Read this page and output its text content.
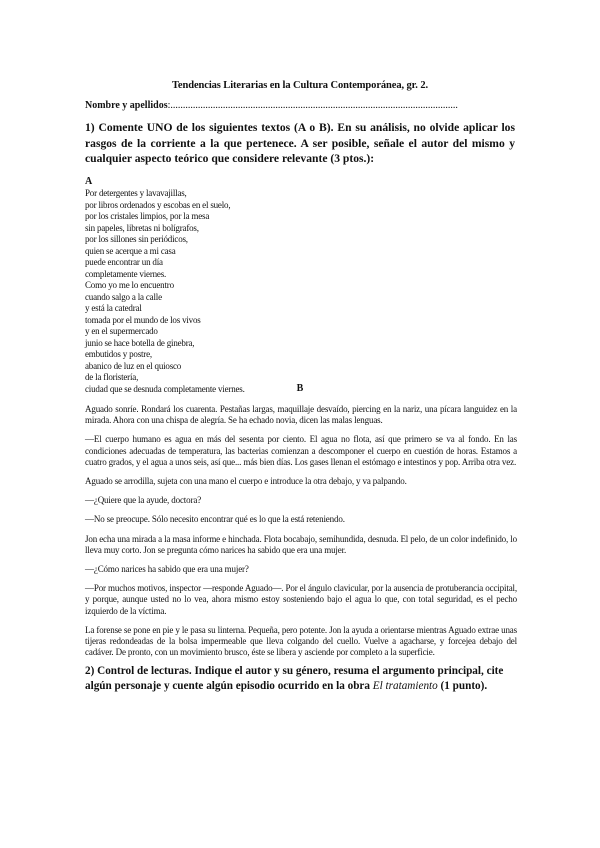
Tendencias Literarias en la Cultura Contemporánea, gr. 2.
Nombre y apellidos:...................................................................................................................
1) Comente UNO de los siguientes textos (A o B). En su análisis, no olvide aplicar los rasgos de la corriente a la que pertenece. A ser posible, señale el autor del mismo y cualquier aspecto teórico que considere relevante (3 ptos.):
A
Por detergentes y lavavajillas,
por libros ordenados y escobas en el suelo,
por los cristales limpios, por la mesa
sin papeles, libretas ni bolígrafos,
por los sillones sin periódicos,
quien se acerque a mi casa
puede encontrar un día
completamente viernes.
Como yo me lo encuentro
cuando salgo a la calle
y está la catedral
tomada por el mundo de los vivos
y en el supermercado
junio se hace botella de ginebra,
embutidos y postre,
abanico de luz en el quiosco
de la floristería,
ciudad que se desnuda completamente viernes.	B

Aguado sonríe. Rondará los cuarenta. Pestañas largas, maquillaje desvaído, piercing en la nariz, una pícara languidez en la mirada. Ahora con una chispa de alegría. Se ha echado novia, dicen las malas lenguas.

—El cuerpo humano es agua en más del sesenta por ciento. El agua no flota, así que primero se va al fondo. En las condiciones adecuadas de temperatura, las bacterias comienzan a descomponer el cuerpo en cuestión de horas. Estamos a cuatro grados, y el agua a unos seis, así que... más bien días. Los gases llenan el estómago e intestinos y pop. Arriba otra vez.

Aguado se arrodilla, sujeta con una mano el cuerpo e introduce la otra debajo, y va palpando.

—¿Quiere que la ayude, doctora?

—No se preocupe. Sólo necesito encontrar qué es lo que la está reteniendo.

Jon echa una mirada a la masa informe e hinchada. Flota bocabajo, semihundida, desnuda. El pelo, de un color indefinido, lo lleva muy corto. Jon se pregunta cómo narices ha sabido que era una mujer.

—¿Cómo narices ha sabido que era una mujer?

—Por muchos motivos, inspector —responde Aguado—. Por el ángulo clavicular, por la ausencia de protuberancia occipital, y porque, aunque usted no lo vea, ahora mismo estoy sosteniendo bajo el agua lo que, con total seguridad, es el pecho izquierdo de la víctima.

La forense se pone en pie y le pasa su linterna. Pequeña, pero potente. Jon la ayuda a orientarse mientras Aguado extrae unas tijeras redondeadas de la bolsa impermeable que lleva colgando del cuello. Vuelve a agacharse, y forcejea debajo del cadáver. De pronto, con un movimiento brusco, éste se libera y asciende por completo a la superficie.

2) Control de lecturas. Indique el autor y su género, resuma el argumento principal, cite algún personaje y cuente algún episodio ocurrido en la obra El tratamiento (1 punto).
